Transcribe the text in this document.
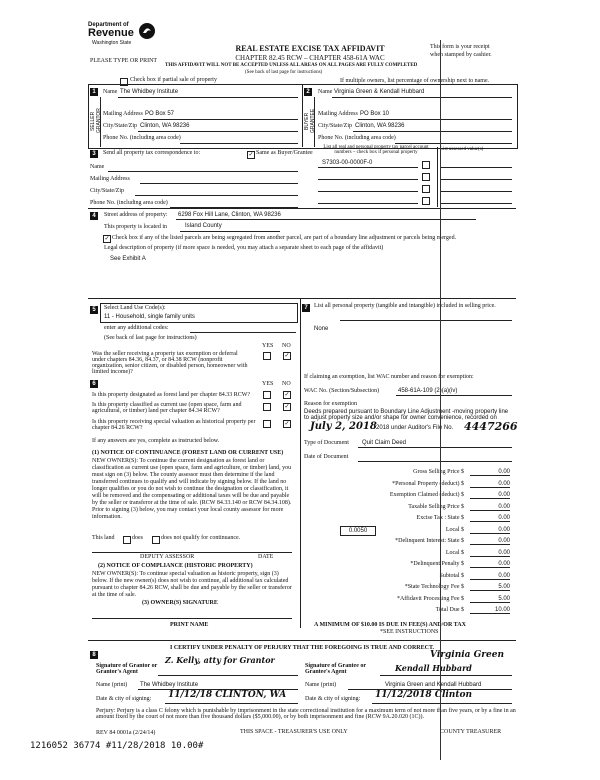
Department of
Revenue
Washington State
PLEASE TYPE OR PRINT
REAL ESTATE EXCISE TAX AFFIDAVIT
CHAPTER 82.45 RCW – CHAPTER 458-61A WAC
THIS AFFIDAVIT WILL NOT BE ACCEPTED UNLESS ALL AREAS ON ALL PAGES ARE FULLY COMPLETED
(See back of last page for instructions)
This form is your receipt
when stamped by cashier.
Check box if partial sale of property	If multiple owners, list percentage of ownership next to name.
1
SELLER GRANTOR
Name The Whidbey Institute
Mailing Address PO Box 57
City/State/Zip Clinton, WA 98236
Phone No. (including area code)
2
BUYER GRANTEE
Name Virginia Green & Kendall Hubbard
Mailing Address PO Box 10
City/State/Zip Clinton, WA 98236
Phone No. (including area code)
3	Send all property tax correspondence to:	✓ Same as Buyer/Grantee
Name
Mailing Address
City/State/Zip
Phone No. (including area code)
List all real and personal property tax parcel account numbers – check box if personal property
List assessed value(s)
S7303-00-0000F-0
4	Street address of property: 6298 Fox Hill Lane, Clinton, WA 98236
This property is located in	Island County
✓ Check box if any of the listed parcels are being segregated from another parcel, are part of a boundary line adjustment or parcels being merged.
Legal description of property (if more space is needed, you may attach a separate sheet to each page of the affidavit)
See Exhibit A
5	Select Land Use Code(s):
11 - Household, single family units
enter any additional codes:
(See back of last page for instructions)
YES NO
Was the seller receiving a property tax exemption or deferral under chapters 84.36, 84.37, or 84.38 RCW (nonprofit organization, senior citizen, or disabled person, homeowner with limited income)?
✓
6	YES NO
Is this property designated as forest land per chapter 84.33 RCW?	✓
Is this property classified as current use (open space, farm and agricultural, or timber) land per chapter 84.34 RCW?
✓
Is this property receiving special valuation as historical property per chapter 84.26 RCW?
✓
If any answers are yes, complete as instructed below.
(1) NOTICE OF CONTINUANCE (FOREST LAND OR CURRENT USE)
NEW OWNER(S): To continue the current designation as forest land or classification as current use (open space, farm and agriculture, or timber) land, you must sign on (3) below. The county assessor must then determine if the land transferred continues to qualify and will indicate by signing below. If the land no longer qualifies or you do not wish to continue the designation or classification, it will be removed and the compensating or additional taxes will be due and payable by the seller or transferor at the time of sale. (RCW 84.33.140 or RCW 84.34.108). Prior to signing (3) below, you may contact your local county assessor for more information.
This land	does	does not qualify for continuance.
DEPUTY ASSESSOR	DATE
(2) NOTICE OF COMPLIANCE (HISTORIC PROPERTY)
NEW OWNER(S): To continue special valuation as historic property, sign (3) below. If the new owner(s) does not wish to continue, all additional tax calculated pursuant to chapter 84.26 RCW, shall be due and payable by the seller or transferor at the time of sale.
(3) OWNER(S) SIGNATURE
PRINT NAME
7	List all personal property (tangible and intangible) included in selling price.
None
If claiming an exemption, list WAC number and reason for exemption:
WAC No. (Section/Subsection)	458-61A-109 (2)(a)(iv)
Reason for exemption
Deeds prepared pursuant to Boundary Line Adjustment -moving property line to adjust property size and/or shape for owner convenience, recorded on
July 2, 2018 2018 under Auditor's File No. 4447266
Type of Document Quit Claim Deed
Date of Document
Gross Selling Price $	0.00
*Personal Property (deduct) $	0.00
Exemption Claimed (deduct) $	0.00
Taxable Selling Price $	0.00
Excise Tax : State $	0.00
Local $	0.00
*Delinquent Interest: State $	0.00
Local $	0.00
*Delinquent Penalty $	0.00
Subtotal $	0.00
*State Technology Fee $	5.00
*Affidavit Processing Fee $	5.00
Total Due $	10.00
0.0050
A MINIMUM OF $10.00 IS DUE IN FEE(S) AND/OR TAX
*SEE INSTRUCTIONS
8
I CERTIFY UNDER PENALTY OF PERJURY THAT THE FOREGOING IS TRUE AND CORRECT.
Signature of Grantor or Grantor's Agent
Z. Kelly, atty for Grantor
Signature of Grantee or Grantee's Agent
Virginia Green
Kendall Hubbard
Name (print) The Whidbey Institute	Name (print)	Virginia Green and Kendall Hubbard
Date & city of signing: 11/12/18 CLINTON, WA	Date & city of signing: 11/12/2018 Clinton
Perjury: Perjury is a class C felony which is punishable by imprisonment in the state correctional institution for a maximum term of not more than five years, or by a fine in an amount fixed by the court of not more than five thousand dollars ($5,000.00), or by both imprisonment and fine (RCW 9A.20.020 (1C)).
REV 84 0001a (2/24/14)	THIS SPACE - TREASURER'S USE ONLY	COUNTY TREASURER
1216052 36774 #11/28/2018 10.00#
